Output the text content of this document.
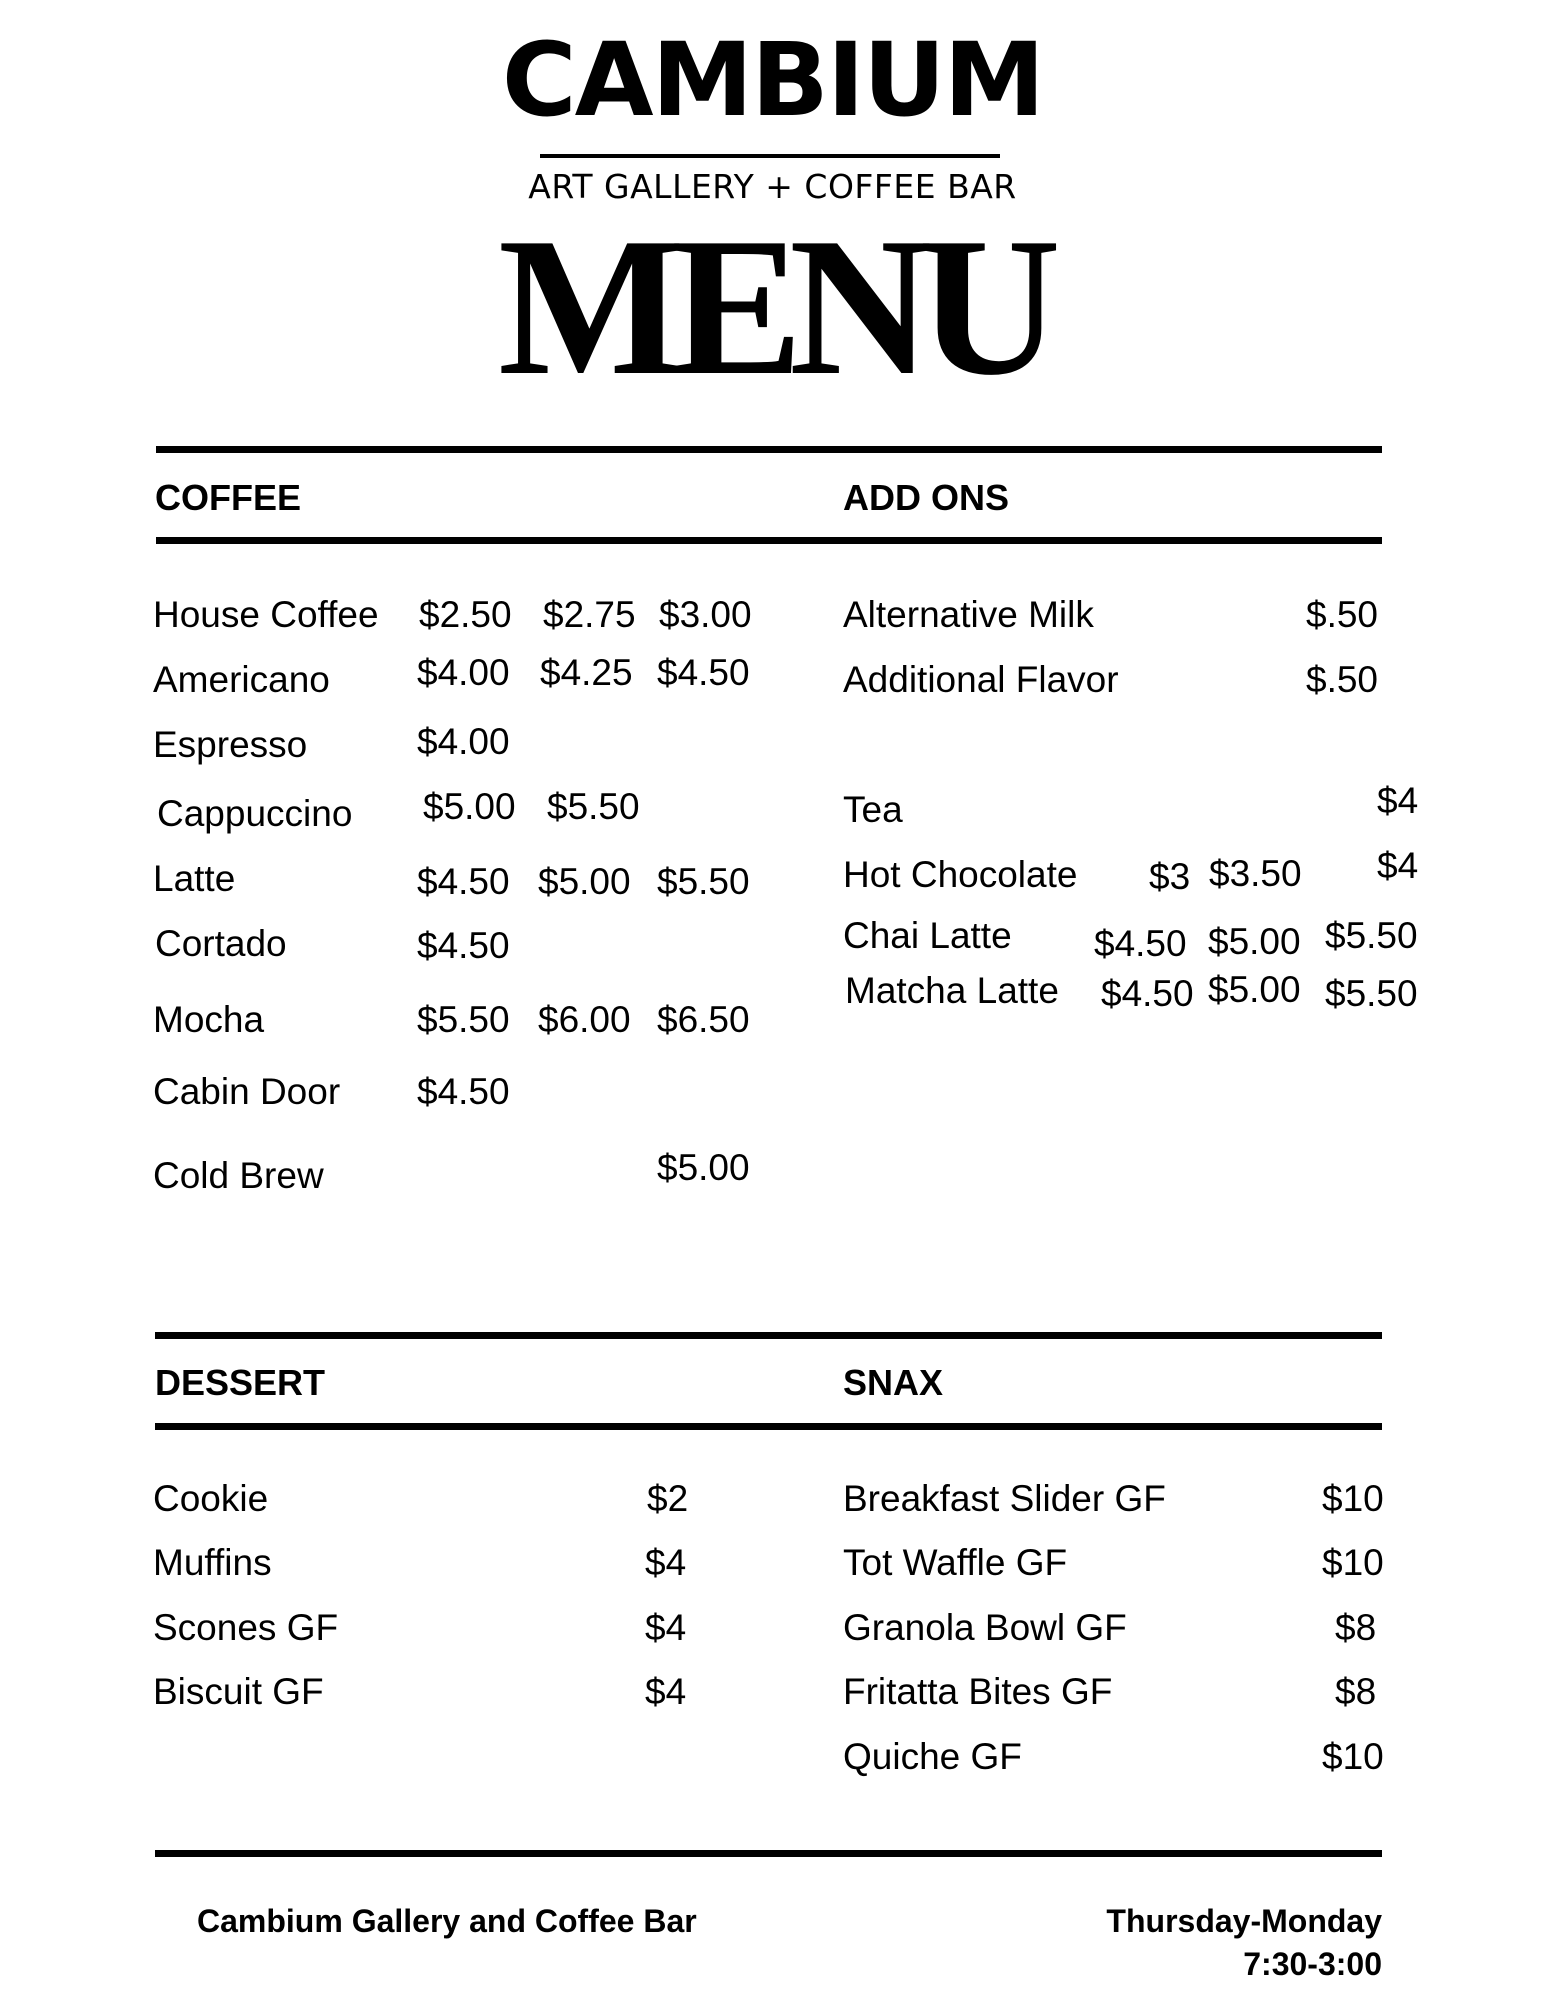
CAMBIUM
ART GALLERY + COFFEE BAR
MENU
COFFEE	ADD ONS
House Coffee $2.50 $2.75 $3.00
Americano $4.00 $4.25 $4.50
Espresso	$4.00
Cappuccino $5.00 $5.50
Latte	$4.50 $5.00 $5.50
Cortado	$4.50
Mocha	$5.50 $6.00 $6.50
Cabin Door $4.50
Cold Brew	$5.00
Alternative Milk	$.50
Additional Flavor	$.50
Tea	$4
Hot Chocolate $3 $3.50 $4
Chai Latte $4.50 $5.00 $5.50
Matcha Latte $4.50 $5.00 $5.50
DESSERT	SNAX
Cookie	$2
Muffins	$4
Scones GF	$4
Biscuit GF	$4
Breakfast Slider GF	$10
Tot Waffle GF	$10
Granola Bowl GF	$8
Fritatta Bites GF	$8
Quiche GF	$10
Cambium Gallery and Coffee Bar	Thursday-Monday
7:30-3:00
